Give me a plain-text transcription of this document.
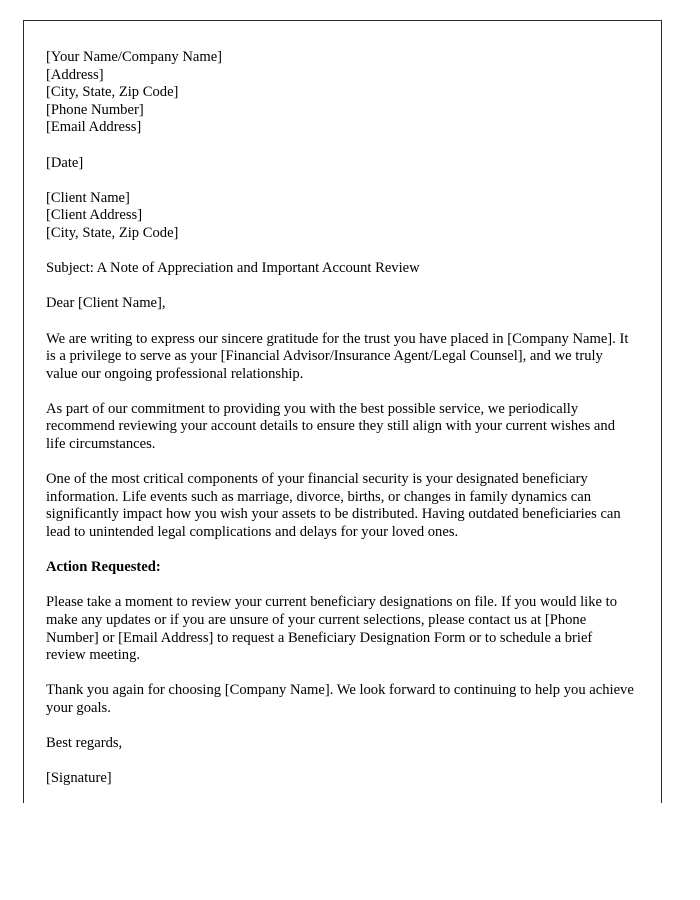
[Your Name/Company Name]
[Address]
[City, State, Zip Code]
[Phone Number]
[Email Address]
[Date]
[Client Name]
[Client Address]
[City, State, Zip Code]

Subject: A Note of Appreciation and Important Account Review

Dear [Client Name],

We are writing to express our sincere gratitude for the trust you have placed in [Company Name]. It is a privilege to serve as your [Financial Advisor/Insurance Agent/Legal Counsel], and we truly value our ongoing professional relationship.

As part of our commitment to providing you with the best possible service, we periodically recommend reviewing your account details to ensure they still align with your current wishes and life circumstances.

One of the most critical components of your financial security is your designated beneficiary information. Life events such as marriage, divorce, births, or changes in family dynamics can significantly impact how you wish your assets to be distributed. Having outdated beneficiaries can lead to unintended legal complications and delays for your loved ones.

Action Requested:

Please take a moment to review your current beneficiary designations on file. If you would like to make any updates or if you are unsure of your current selections, please contact us at [Phone Number] or [Email Address] to request a Beneficiary Designation Form or to schedule a brief review meeting.

Thank you again for choosing [Company Name]. We look forward to continuing to help you achieve your goals.

Best regards,

[Signature]
